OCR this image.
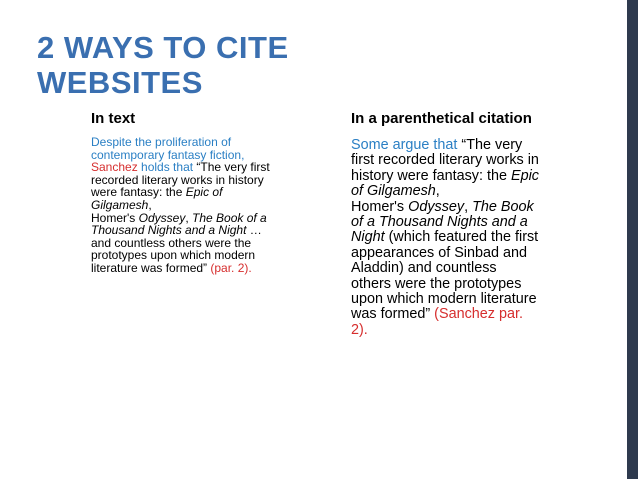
2 WAYS TO CITE
WEBSITES
In text	In a parenthetical citation
Despite the proliferation of
contemporary fantasy fiction,
Sanchez holds that “The very first
recorded literary works in history
were fantasy: the Epic of
Gilgamesh,
Homer's Odyssey, The Book of a
Thousand Nights and a Night …
and countless others were the
prototypes upon which modern
literature was formed” (par. 2).
Some argue that “The very
first recorded literary works in
history were fantasy: the Epic
of Gilgamesh,
Homer's Odyssey, The Book
of a Thousand Nights and a
Night (which featured the first
appearances of Sinbad and
Aladdin) and countless
others were the prototypes
upon which modern literature
was formed” (Sanchez par.
2).
